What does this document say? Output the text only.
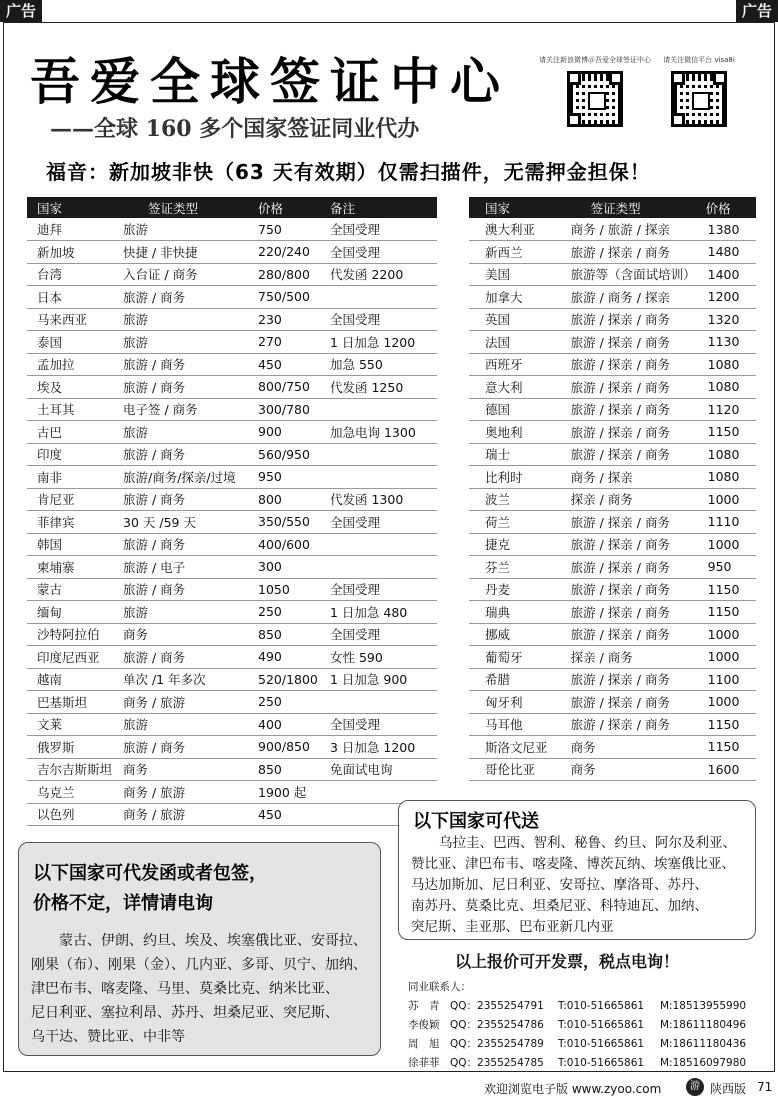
广告	广告
吾爱全球签证中心
——全球 160 多个国家签证同业代办
请关注新浪微博＠吾爱全球签证中心	请关注微信平台 visa8i
福音：新加坡非快（63 天有效期）仅需扫描件，无需押金担保！
国家	签证类型	价格	备注
迪拜	旅游	750	全国受理
新加坡	快捷 / 非快捷	220/240	全国受理
台湾	入台证 / 商务	280/800	代发函 2200
日本	旅游 / 商务	750/500	
马来西亚	旅游	230	全国受理
泰国	旅游	270	1 日加急 1200
孟加拉	旅游 / 商务	450	加急 550
埃及	旅游 / 商务	800/750	代发函 1250
土耳其	电子签 / 商务	300/780	
古巴	旅游	900	加急电询 1300
印度	旅游 / 商务	560/950	
南非	旅游/商务/探亲/过境	950	
肯尼亚	旅游 / 商务	800	代发函 1300
菲律宾	30 天 /59 天	350/550	全国受理
韩国	旅游 / 商务	400/600	
柬埔寨	旅游 / 电子	300	
蒙古	旅游 / 商务	1050	全国受理
缅甸	旅游	250	1 日加急 480
沙特阿拉伯	商务	850	全国受理
印度尼西亚	旅游 / 商务	490	女性 590
越南	单次 /1 年多次	520/1800	1 日加急 900
巴基斯坦	商务 / 旅游	250	
文莱	旅游	400	全国受理
俄罗斯	旅游 / 商务	900/850	3 日加急 1200
吉尔吉斯斯坦	商务	850	免面试电询
乌克兰	商务 / 旅游	1900 起	
以色列	商务 / 旅游	450	
国家	签证类型	价格
澳大利亚	商务 / 旅游 / 探亲	1380
新西兰	旅游 / 探亲 / 商务	1480
美国	旅游等（含面试培训）	1400
加拿大	旅游 / 商务 / 探亲	1200
英国	旅游 / 探亲 / 商务	1320
法国	旅游 / 探亲 / 商务	1130
西班牙	旅游 / 探亲 / 商务	1080
意大利	旅游 / 探亲 / 商务	1080
德国	旅游 / 探亲 / 商务	1120
奥地利	旅游 / 探亲 / 商务	1150
瑞士	旅游 / 探亲 / 商务	1080
比利时	商务 / 探亲	1080
波兰	探亲 / 商务	1000
荷兰	旅游 / 探亲 / 商务	1110
捷克	旅游 / 探亲 / 商务	1000
芬兰	旅游 / 探亲 / 商务	950
丹麦	旅游 / 探亲 / 商务	1150
瑞典	旅游 / 探亲 / 商务	1150
挪威	旅游 / 探亲 / 商务	1000
葡萄牙	探亲 / 商务	1000
希腊	旅游 / 探亲 / 商务	1100
匈牙利	旅游 / 探亲 / 商务	1000
马耳他	旅游 / 探亲 / 商务	1150
斯洛文尼亚	商务	1150
哥伦比亚	商务	1600
以下国家可代发函或者包签，
价格不定，详情请电询
蒙古、伊朗、约旦、埃及、埃塞俄比亚、安哥拉、
刚果（布）、刚果（金）、几内亚、多哥、贝宁、加纳、
津巴布韦、喀麦隆、马里、莫桑比克、纳米比亚、
尼日利亚、塞拉利昂、苏丹、坦桑尼亚、突尼斯、
乌干达、赞比亚、中非等
以下国家可代送
乌拉圭、巴西、智利、秘鲁、约旦、阿尔及利亚、
赞比亚、津巴布韦、喀麦隆、博茨瓦纳、埃塞俄比亚、
马达加斯加、尼日利亚、安哥拉、摩洛哥、苏丹、
南苏丹、莫桑比克、坦桑尼亚、科特迪瓦、加纳、
突尼斯、圭亚那、巴布亚新几内亚
以上报价可开发票，税点电询！
同业联系人：
苏　青 QQ：2355254791 T:010-51665861 M:18513955990
李俊颖 QQ：2355254786 T:010-51665861 M:18611180496
周　旭 QQ：2355254789 T:010-51665861 M:18611180436
徐菲菲 QQ：2355254785 T:010-51665861 M:18516097980
欢迎浏览电子版 www.zyoo.com	游 陕西版 71
